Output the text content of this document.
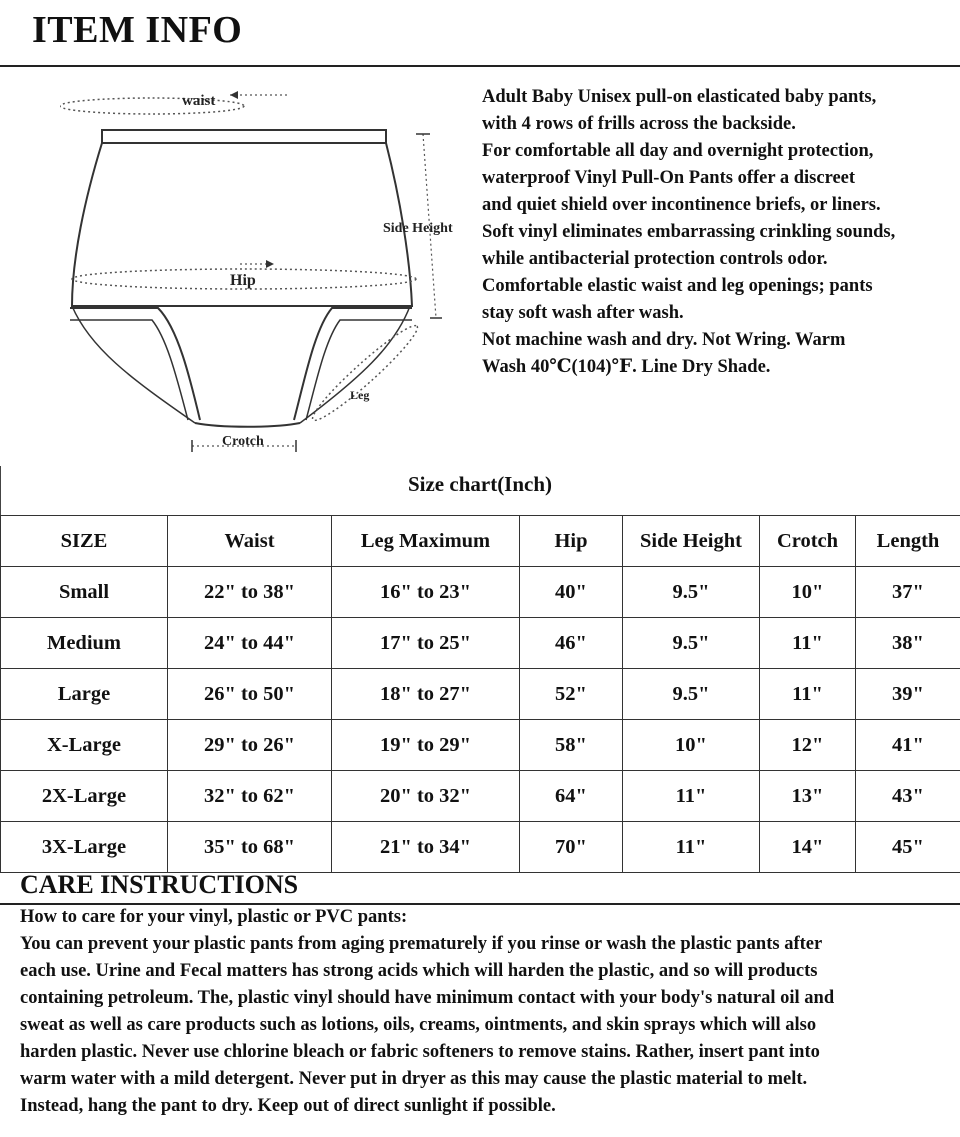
ITEM INFO
waist
Crotch
Hip
Side Height
Leg

Adult Baby Unisex pull-on elasticated baby pants,

with 4 rows of frills across the backside.

For comfortable all day and overnight protection,

waterproof Vinyl Pull-On Pants offer a discreet

and quiet shield over incontinence briefs, or liners.

Soft vinyl eliminates embarrassing crinkling sounds,

while antibacterial protection controls odor.

Comfortable elastic waist and leg openings; pants

stay soft wash after wash.

Not machine wash and dry. Not Wring. Warm

Wash 40℃(104)℉. Line Dry Shade.

Size chart(Inch)
SIZE	Waist	Leg Maximum	Hip	Side Height	Crotch	Length
Small	22" to 38"	16" to 23"	40"	9.5"	10"	37"
Medium	24" to 44"	17" to 25"	46"	9.5"	11"	38"
Large	26" to 50"	18" to 27"	52"	9.5"	11"	39"
X-Large	29" to 26"	19" to 29"	58"	10"	12"	41"
2X-Large	32" to 62"	20" to 32"	64"	11"	13"	43"
3X-Large	35" to 68"	21" to 34"	70"	11"	14"	45"
CARE INSTRUCTIONS

How to care for your vinyl, plastic or PVC pants:

You can prevent your plastic pants from aging prematurely if you rinse or wash the plastic pants after

each use. Urine and Fecal matters has strong acids which will harden the plastic, and so will products

containing petroleum. The, plastic vinyl should have minimum contact with your body's natural oil and

sweat as well as care products such as lotions, oils, creams, ointments, and skin sprays which will also

harden plastic. Never use chlorine bleach or fabric softeners to remove stains. Rather, insert pant into

warm water with a mild detergent. Never put in dryer as this may cause the plastic material to melt.

Instead, hang the pant to dry. Keep out of direct sunlight if possible.
